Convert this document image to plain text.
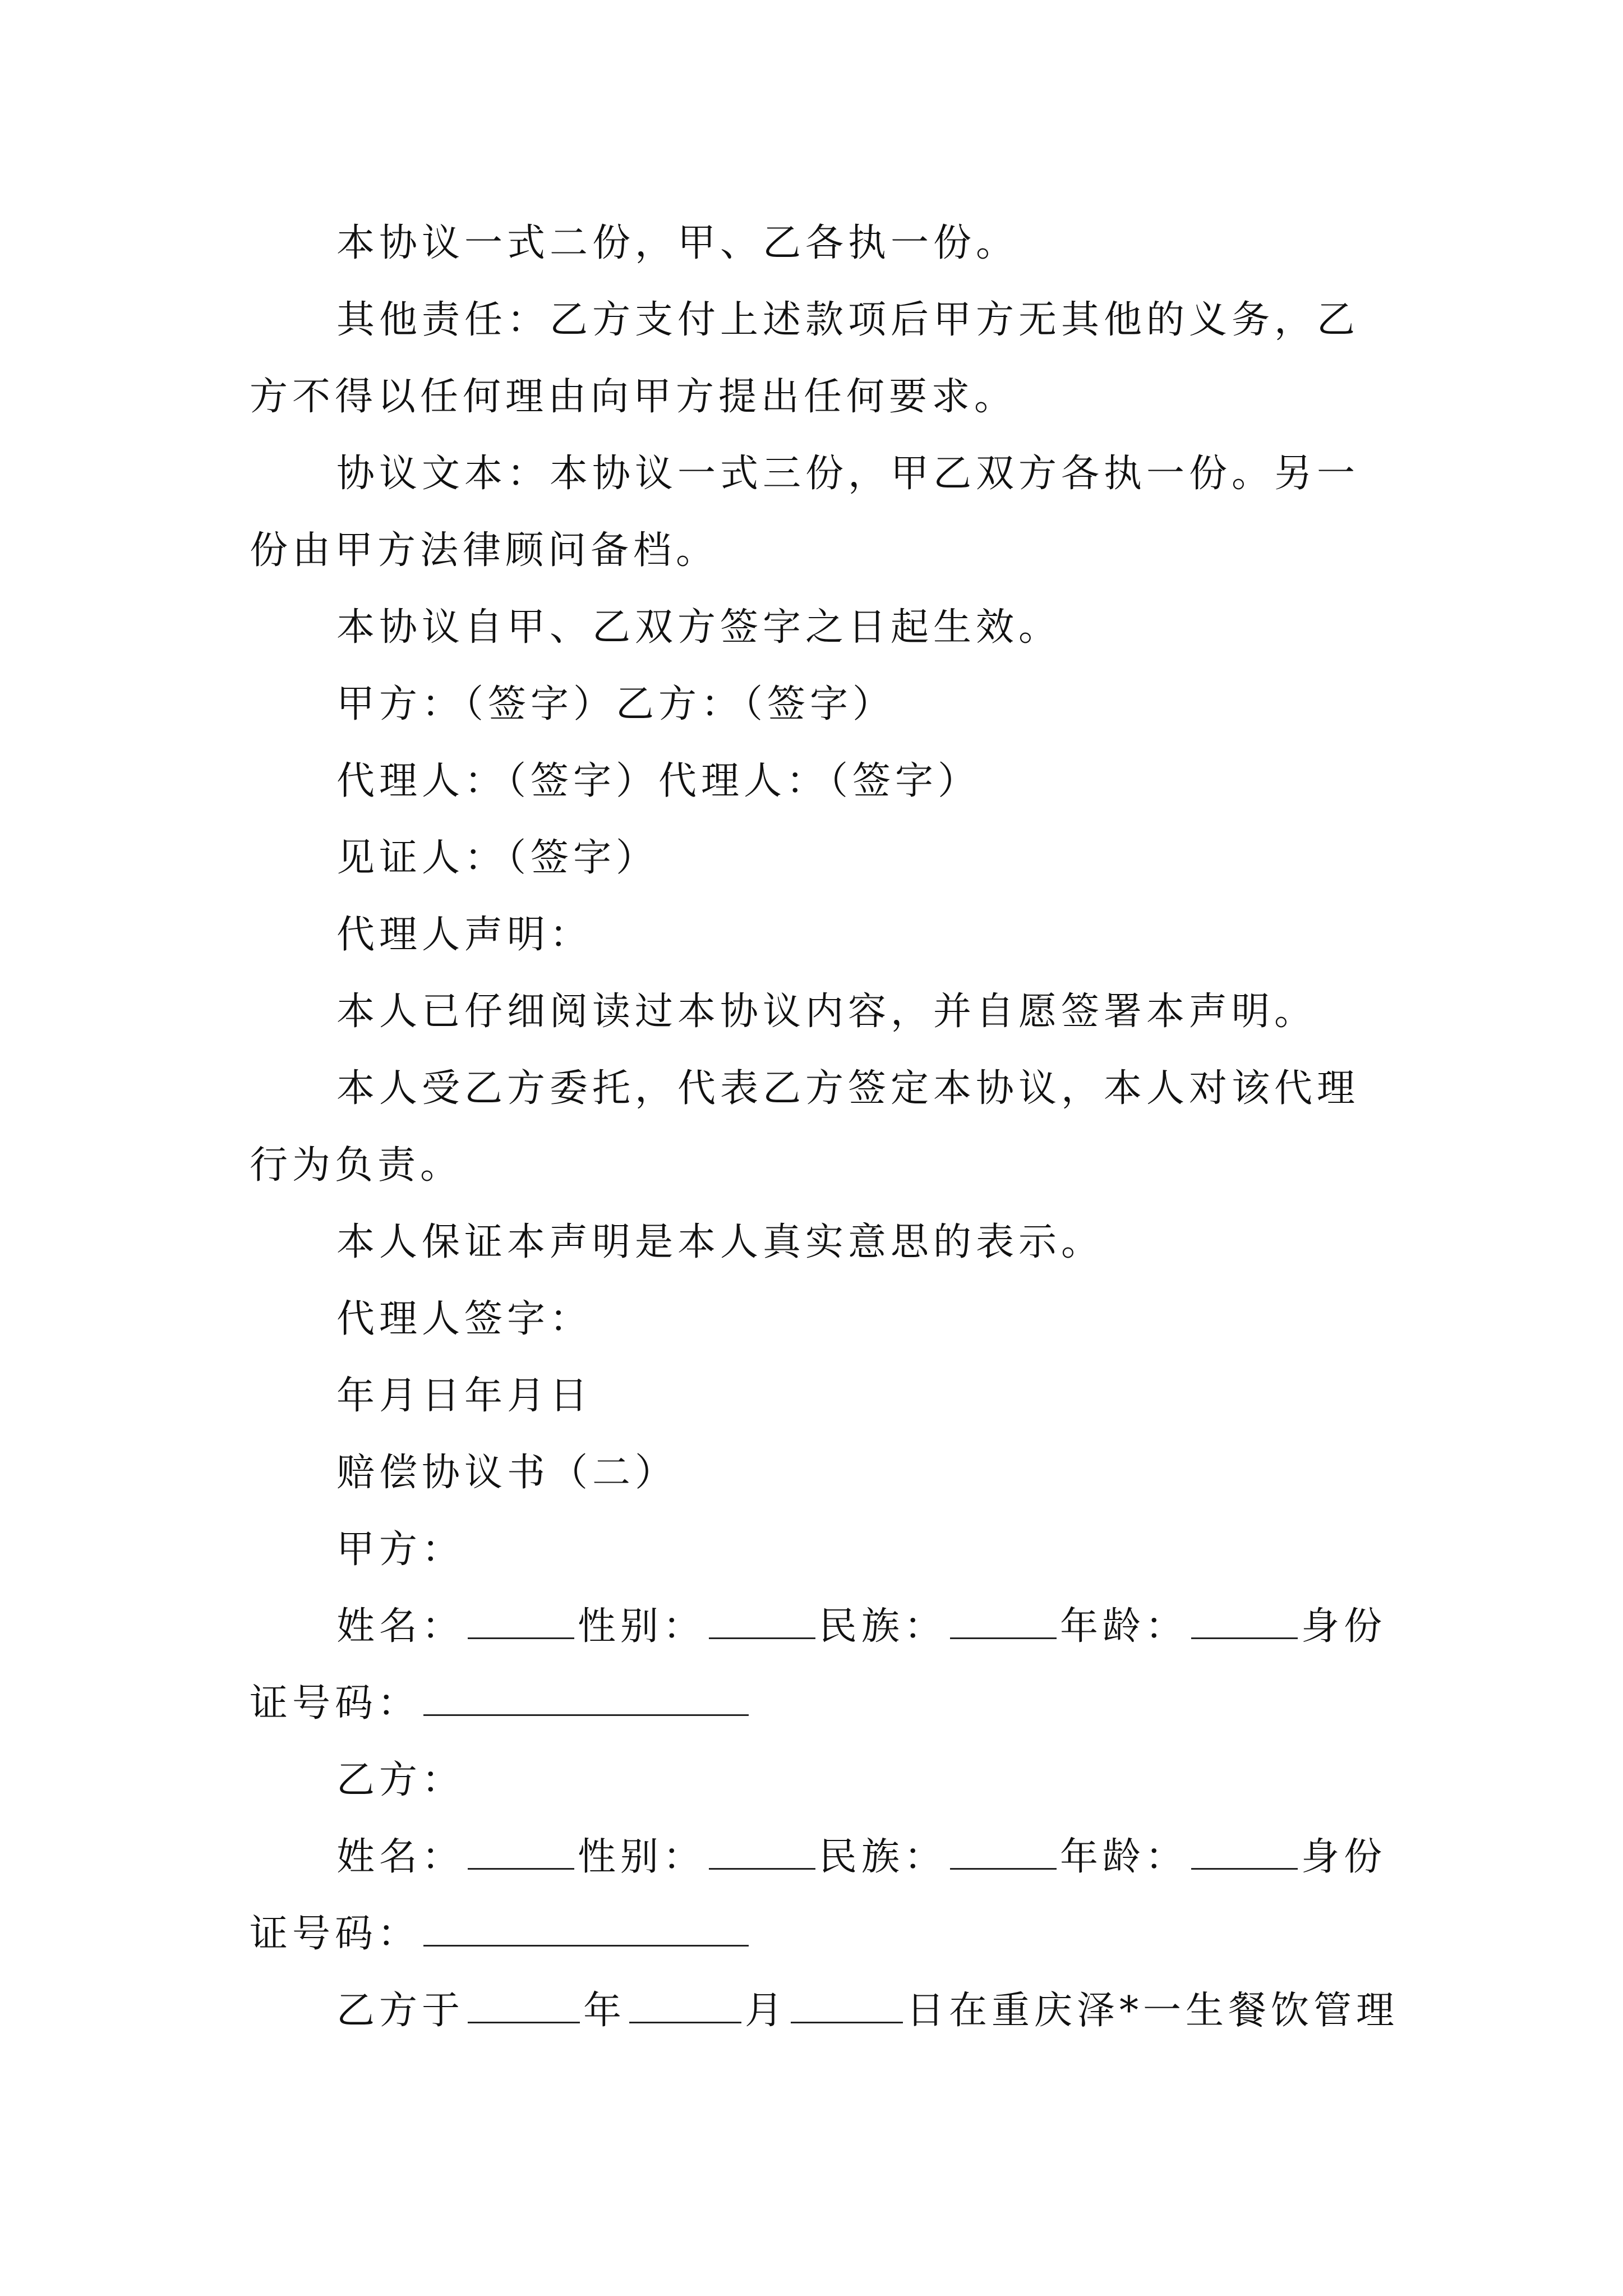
本协议一式二份，甲、乙各执一份。

其他责任：乙方支付上述款项后甲方无其他的义务，乙

方不得以任何理由向甲方提出任何要求。

协议文本：本协议一式三份，甲乙双方各执一份。另一

份由甲方法律顾问备档。

本协议自甲、乙双方签字之日起生效。

甲方：（签字）乙方：（签字）

代理人：（签字）代理人：（签字）

见证人：（签字）

代理人声明：

本人已仔细阅读过本协议内容，并自愿签署本声明。

本人受乙方委托，代表乙方签定本协议，本人对该代理

行为负责。

本人保证本声明是本人真实意思的表示。

代理人签字：

年月日年月日

赔偿协议书（二）

甲方：

姓名：	性别：	民族：	年龄：	身份

证号码：

乙方：

姓名：	性别：	民族：	年龄：	身份

证号码：

乙方于	年	月	日在重庆泽*一生餐饮管理
